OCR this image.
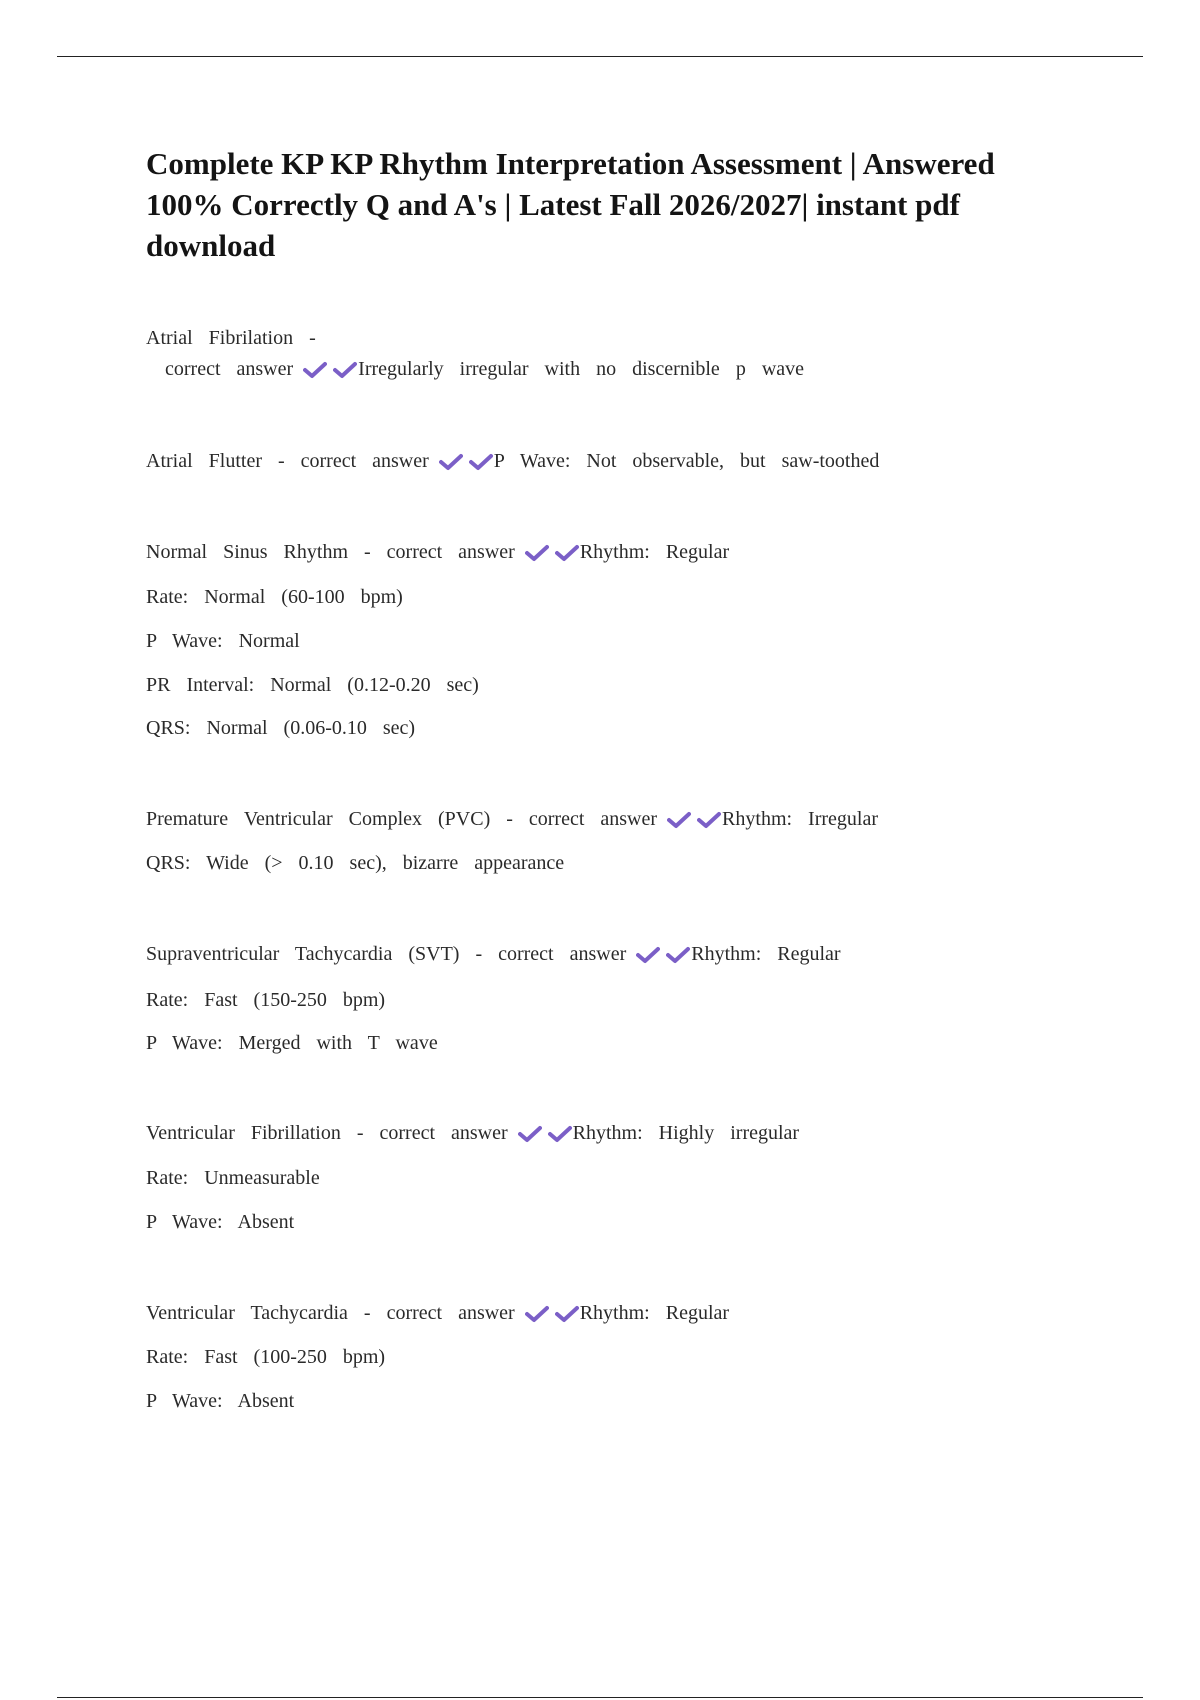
Complete KP KP Rhythm Interpretation Assessment | Answered 100% Correctly Q and A's | Latest Fall 2026/2027| instant pdf download
Atrial Fibrilation -
correct answer	Irregularly irregular with no discernible p wave
Atrial Flutter - correct answer	P Wave: Not observable, but saw-toothed
Normal Sinus Rhythm - correct answer	Rhythm: Regular
Rate: Normal (60-100 bpm)
P Wave: Normal
PR Interval: Normal (0.12-0.20 sec)
QRS: Normal (0.06-0.10 sec)
Premature Ventricular Complex (PVC) - correct answer	Rhythm: Irregular
QRS: Wide (> 0.10 sec), bizarre appearance
Supraventricular Tachycardia (SVT) - correct answer	Rhythm: Regular
Rate: Fast (150-250 bpm)
P Wave: Merged with T wave
Ventricular Fibrillation - correct answer	Rhythm: Highly irregular
Rate: Unmeasurable
P Wave: Absent
Ventricular Tachycardia - correct answer	Rhythm: Regular
Rate: Fast (100-250 bpm)
P Wave: Absent
